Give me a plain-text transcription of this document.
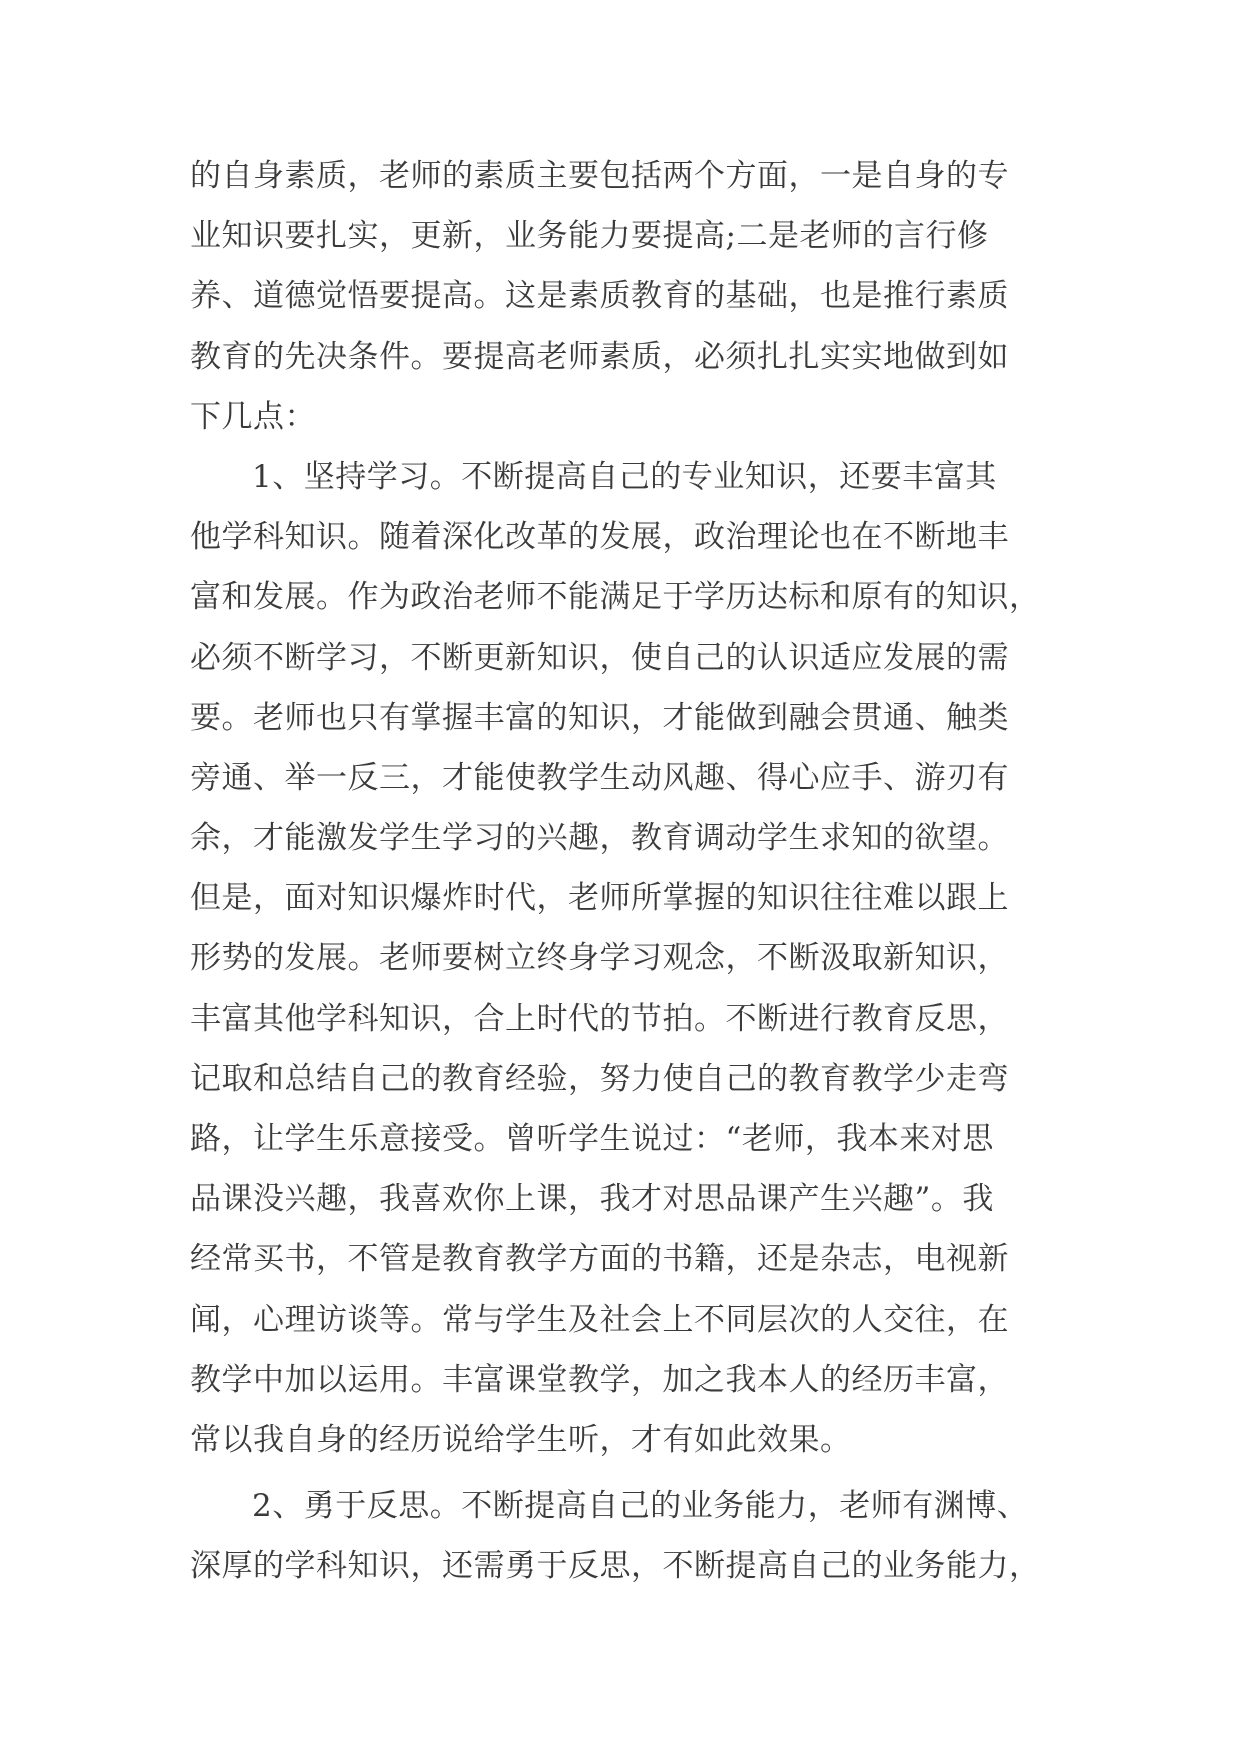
的自身素质，老师的素质主要包括两个方面，一是自身的专
业知识要扎实，更新，业务能力要提高;二是老师的言行修
养、道德觉悟要提高。这是素质教育的基础，也是推行素质
教育的先决条件。要提高老师素质，必须扎扎实实地做到如
下几点：
1、坚持学习。不断提高自己的专业知识，还要丰富其
他学科知识。随着深化改革的发展，政治理论也在不断地丰
富和发展。作为政治老师不能满足于学历达标和原有的知识，
必须不断学习，不断更新知识，使自己的认识适应发展的需
要。老师也只有掌握丰富的知识，才能做到融会贯通、触类
旁通、举一反三，才能使教学生动风趣、得心应手、游刃有
余，才能激发学生学习的兴趣，教育调动学生求知的欲望。
但是，面对知识爆炸时代，老师所掌握的知识往往难以跟上
形势的发展。老师要树立终身学习观念，不断汲取新知识，
丰富其他学科知识，合上时代的节拍。不断进行教育反思，
记取和总结自己的教育经验，努力使自己的教育教学少走弯
路，让学生乐意接受。曾听学生说过：“老师，我本来对思
品课没兴趣，我喜欢你上课，我才对思品课产生兴趣”。我
经常买书，不管是教育教学方面的书籍，还是杂志，电视新
闻，心理访谈等。常与学生及社会上不同层次的人交往，在
教学中加以运用。丰富课堂教学，加之我本人的经历丰富，
常以我自身的经历说给学生听，才有如此效果。
2、勇于反思。不断提高自己的业务能力，老师有渊博、
深厚的学科知识，还需勇于反思，不断提高自己的业务能力，
